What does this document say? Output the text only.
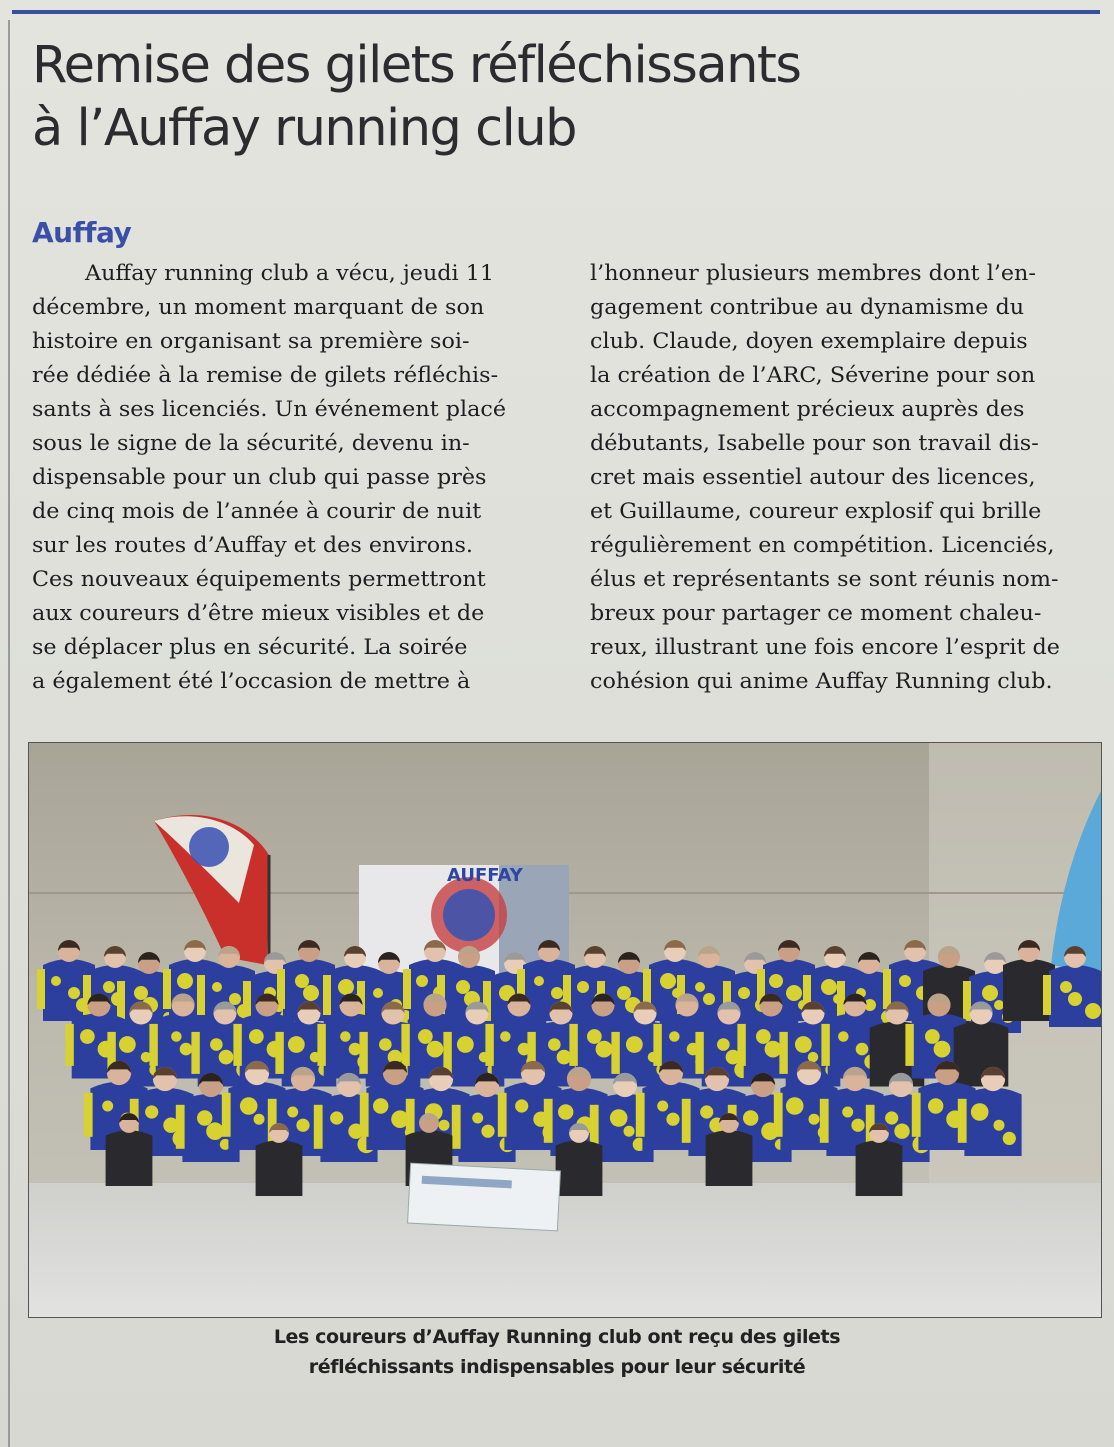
Remise des gilets réfléchissants
à l’Auffay running club
Auffay
Auffay running club a vécu, jeudi 11
décembre, un moment marquant de son
histoire en organisant sa première soi-
rée dédiée à la remise de gilets réfléchis-
sants à ses licenciés. Un événement placé
sous le signe de la sécurité, devenu in-
dispensable pour un club qui passe près
de cinq mois de l’année à courir de nuit
sur les routes d’Auffay et des environs.
Ces nouveaux équipements permettront
aux coureurs d’être mieux visibles et de
se déplacer plus en sécurité. La soirée
a également été l’occasion de mettre à
l’honneur plusieurs membres dont l’en-
gagement contribue au dynamisme du
club. Claude, doyen exemplaire depuis
la création de l’ARC, Séverine pour son
accompagnement précieux auprès des
débutants, Isabelle pour son travail dis-
cret mais essentiel autour des licences,
et Guillaume, coureur explosif qui brille
régulièrement en compétition. Licenciés,
élus et représentants se sont réunis nom-
breux pour partager ce moment chaleu-
reux, illustrant une fois encore l’esprit de
cohésion qui anime Auffay Running club.
AUFFAY
Les coureurs d’Auffay Running club ont reçu des gilets
réfléchissants indispensables pour leur sécurité
